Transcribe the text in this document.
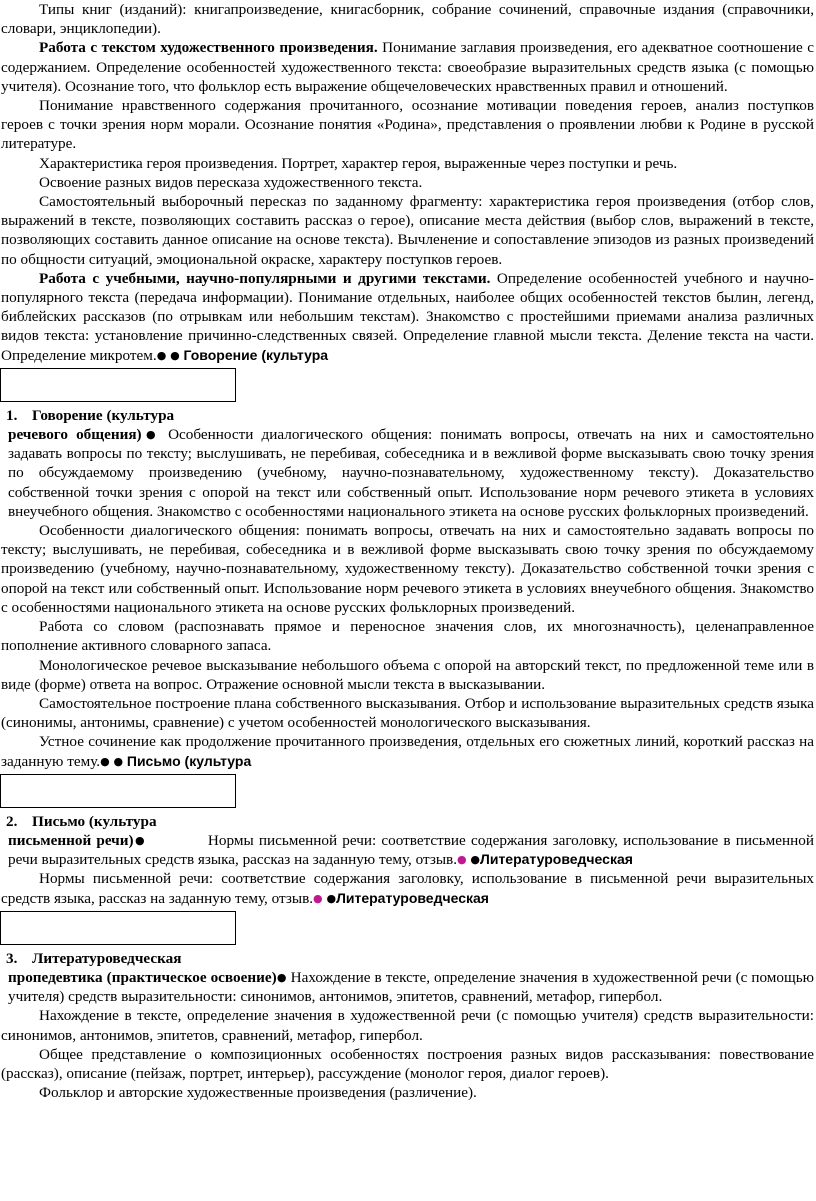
Типы книг (изданий): книгапроизведение, книгасборник, собрание сочинений, справочные издания (справочники, словари, энциклопедии).

Работа с текстом художественного произведения. Понимание заглавия произведения, его адекватное соотношение с содержанием. Определение особенностей художественного текста: своеобразие выразительных средств языка (с помощью учителя). Осознание того, что фольклор есть выражение общечеловеческих нравственных правил и отношений.

Понимание нравственного содержания прочитанного, осознание мотивации поведения героев, анализ поступков героев с точки зрения норм морали. Осознание понятия «Родина», представления о проявлении любви к Родине в русской литературе.

Характеристика героя произведения. Портрет, характер героя, выраженные через поступки и речь.

Освоение разных видов пересказа художественного текста.

Самостоятельный выборочный пересказ по заданному фрагменту: характеристика героя произведения (отбор слов, выражений в тексте, позволяющих составить рассказ о герое), описание места действия (выбор слов, выражений в тексте, позволяющих составить данное описание на основе текста). Вычленение и сопоставление эпизодов из разных произведений по общности ситуаций, эмоциональной окраске, характеру поступков героев.

Работа с учебными, научно-популярными и другими текстами. Определение особенностей учебного и научно-популярного текста (передача информации). Понимание отдельных, наиболее общих особенностей текстов былин, легенд, библейских рассказов (по отрывкам или небольшим текстам). Знакомство с простейшими приемами анализа различных видов текста: установление причинно-следственных связей. Определение главной мысли текста. Деление текста на части. Определение микротем.● ● Говорение (культура

1. Говорение (культура

речевого общения)● Особенности диалогического общения: понимать вопросы, отвечать на них и самостоятельно задавать вопросы по тексту; выслушивать, не перебивая, собеседника и в вежливой форме высказывать свою точку зрения по обсуждаемому произведению (учебному, научно-познавательному, художественному тексту). Доказательство собственной точки зрения с опорой на текст или собственный опыт. Использование норм речевого этикета в условиях внеучебного общения. Знакомство с особенностями национального этикета на основе русских фольклорных произведений.

Особенности диалогического общения: понимать вопросы, отвечать на них и самостоятельно задавать вопросы по тексту; выслушивать, не перебивая, собеседника и в вежливой форме высказывать свою точку зрения по обсуждаемому произведению (учебному, научно-познавательному, художественному тексту). Доказательство собственной точки зрения с опорой на текст или собственный опыт. Использование норм речевого этикета в условиях внеучебного общения. Знакомство с особенностями национального этикета на основе русских фольклорных произведений.

Работа со словом (распознавать прямое и переносное значения слов, их многозначность), целенаправленное пополнение активного словарного запаса.

Монологическое речевое высказывание небольшого объема с опорой на авторский текст, по предложенной теме или в виде (форме) ответа на вопрос. Отражение основной мысли текста в высказывании.

Самостоятельное построение плана собственного высказывания. Отбор и использование выразительных средств языка (синонимы, антонимы, сравнение) с учетом особенностей монологического высказывания.

Устное сочинение как продолжение прочитанного произведения, отдельных его сюжетных линий, короткий рассказ на заданную тему.● ● Письмо (культура

2. Письмо (культура

письменной речи)●	Нормы письменной речи: соответствие содержания заголовку, использование в письменной речи выразительных средств языка, рассказ на заданную тему, отзыв.● ●Литературоведческая

Нормы письменной речи: соответствие содержания заголовку, использование в письменной речи выразительных средств языка, рассказ на заданную тему, отзыв.● ●Литературоведческая

3. Литературоведческая

пропедевтика (практическое освоение)● Нахождение в тексте, определение значения в художественной речи (с помощью учителя) средств выразительности: синонимов, антонимов, эпитетов, сравнений, метафор, гипербол.

Нахождение в тексте, определение значения в художественной речи (с помощью учителя) средств выразительности: синонимов, антонимов, эпитетов, сравнений, метафор, гипербол.

Общее представление о композиционных особенностях построения разных видов рассказывания: повествование (рассказ), описание (пейзаж, портрет, интерьер), рассуждение (монолог героя, диалог героев).

Фольклор и авторские художественные произведения (различение).
